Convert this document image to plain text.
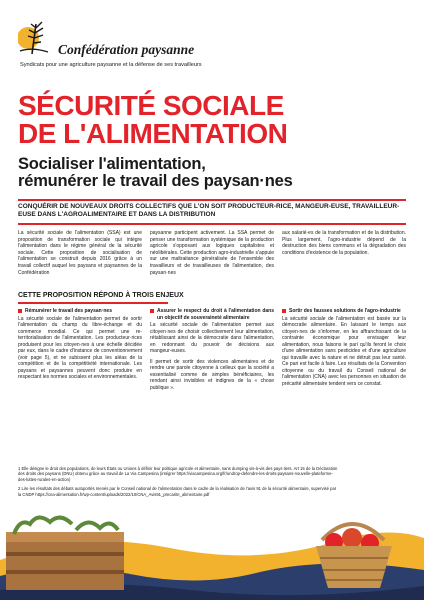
Confédération paysanne
Syndicats pour une agriculture paysanne et la défense de ses travailleurs
SÉCURITÉ SOCIALE
DE L'ALIMENTATION
Socialiser l'alimentation,
rémunérer le travail des paysan·nes
CONQUÉRIR DE NOUVEAUX DROITS COLLECTIFS QUE L'ON SOIT PRODUCTEUR-RICE, MANGEUR-EUSE, TRAVAILLEUR-EUSE DANS L'AGROALIMENTAIRE ET DANS LA DISTRIBUTION
La sécurité sociale de l'alimentation (SSA) est une proposition de transformation sociale qui intègre l'alimentation dans le régime général de la sécurité sociale. Cette proposition de socialisation de l'alimentation se construit depuis 2016 grâce à un travail collectif auquel les paysans et paysannes de la Confédération
paysanne participent activement. La SSA permet de penser une transformation systémique de la production agricole s'opposant aux logiques capitalistes et néolibérales. Cette production agro-industrielle s'appuie sur une maltraitance généralisée de l'ensemble des travailleurs et de travailleuses de l'alimentation, des paysan·nes
aux salarié·es de la transformation et de la distribution. Plus largement, l'agro-industrie dépend de la destruction des biens communs et la dégradation des conditions d'existence de la population.
CETTE PROPOSITION RÉPOND À TROIS ENJEUX
Rémunérer le travail des paysan·nes

La sécurité sociale de l'alimentation permet de sortir l'alimentation du champ du libre-échange et du commerce mondial. Ce qui permet une re-territorialisation de l'alimentation. Les producteur·rices produisent pour les citoyen·nes à une échelle décidée par eux, dans le cadre d'instance de conventionnement (voir page 5), et ne subissent plus les aléas de la compétition et de la compétitivité internationale. Les paysans et paysannes peuvent donc produire en respectant les normes sociales et environnementales.

Assurer le respect du droit à l'alimentation dans un objectif de souveraineté alimentaire

La sécurité sociale de l'alimentation permet aux citoyen·nes de choisir collectivement leur alimentation, rétablissant ainsi de la démocratie dans l'alimentation, en redonnant du pouvoir de décisions aux mangeur·euses.

Il permet de sortir des violences alimentaires et de rendre une parole citoyenne à celleux que la société a essentialisé comme de simples bénéficiaires, les rendant ainsi invisibles et indignes de la « chose publique ».

Sortir des fausses solutions de l'agro-industrie

La sécurité sociale de l'alimentation est basée sur la démocratie alimentaire. En laissant le temps aux citoyen·nes de s'informer, en les affranchissant de la contrainte économique pour envisager leur alimentation, nous faisons le pari qu'ils feront le choix d'une alimentation sans pesticides et d'une agriculture qui travaille avec la nature et ne détruit pas leur santé. Ce pari est facile à faire. Les résultats de la Convention citoyenne ou du travail du Conseil national de l'alimentation (CNA) avec les personnes en situation de précarité alimentaire tendent vers ce constat.

1 Elle désigne le droit des populations, de leurs États ou Unions à définir leur politique agricole et alimentaire, sans dumping vis-à-vis des pays tiers. Art 15 de la Déclaration des droits des paysans (DNU) obtenu grâce au travail de La Via Campesina (intégrer https://viacampesina.org/fr/undrop-defendre-les-droits-paysans-nouvelle-plateforme-des-luttes-rurales-en-action)

2 Lire les résultats des débats autoportés menés par le Conseil national de l'alimentation dans le cadre de la réalisation de l'avis 91 de la sécurité alimentaire, supervisé par la CNDP https://cna-alimentation.fr/wp-content/uploads/2022/10/CNA_Avis91_precarite_alimentaire.pdf
